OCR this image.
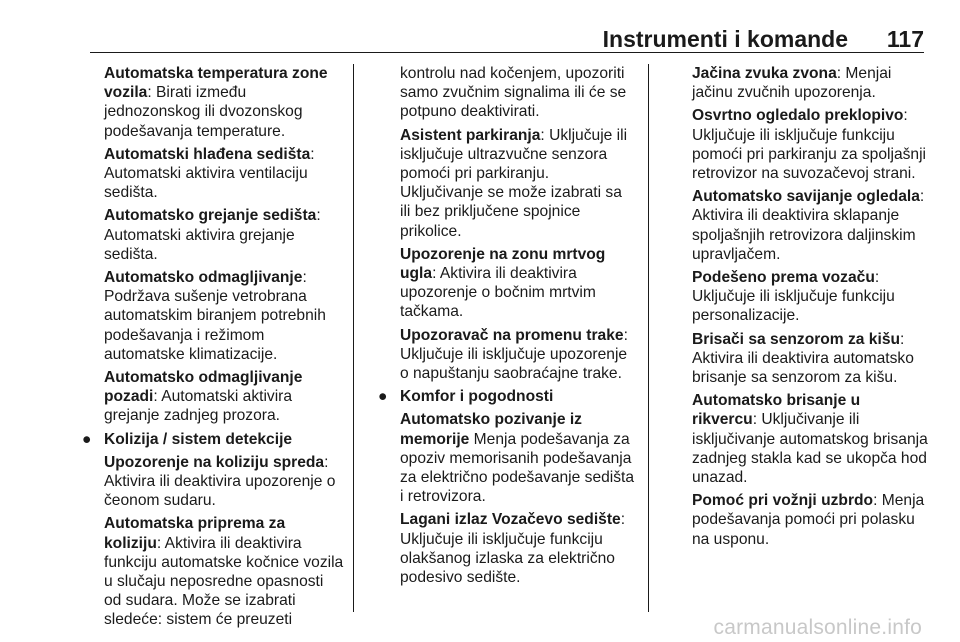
Instrumenti i komande 117

Automatska temperatura zone vozila: Birati između jednozonskog ili dvozonskog podešavanja temperature.

Automatski hlađena sedišta: Automatski aktivira ventilaciju sedišta.

Automatsko grejanje sedišta: Automatski aktivira grejanje sedišta.

Automatsko odmagljivanje: Podržava sušenje vetrobrana automatskim biranjem potrebnih podešavanja i režimom automatske klimatizacije.

Automatsko odmagljivanje pozadi: Automatski aktivira grejanje zadnjeg prozora.

● Kolizija / sistem detekcije

Upozorenje na koliziju spreda: Aktivira ili deaktivira upozorenje o čeonom sudaru.

Automatska priprema za koliziju: Aktivira ili deaktivira funkciju automatske kočnice vozila u slučaju neposredne opasnosti od sudara. Može se izabrati sledeće: sistem će preuzeti

kontrolu nad kočenjem, upozoriti samo zvučnim signalima ili će se potpuno deaktivirati.

Asistent parkiranja: Uključuje ili isključuje ultrazvučne senzora pomoći pri parkiranju. Uključivanje se može izabrati sa ili bez priključene spojnice prikolice.

Upozorenje na zonu mrtvog ugla: Aktivira ili deaktivira upozorenje o bočnim mrtvim tačkama.

Upozoravač na promenu trake: Uključuje ili isključuje upozorenje o napuštanju saobraćajne trake.

● Komfor i pogodnosti

Automatsko pozivanje iz memorije Menja podešavanja za opoziv memorisanih podešavanja za električno podešavanje sedišta i retrovizora.

Lagani izlaz Vozačevo sedište: Uključuje ili isključuje funkciju olakšanog izlaska za električno podesivo sedište.

Jačina zvuka zvona: Menjai jačinu zvučnih upozorenja.

Osvrtno ogledalo preklopivo: Uključuje ili isključuje funkciju pomoći pri parkiranju za spoljašnji retrovizor na suvozačevoj strani.

Automatsko savijanje ogledala: Aktivira ili deaktivira sklapanje spoljašnjih retrovizora daljinskim upravljačem.

Podešeno prema vozaču: Uključuje ili isključuje funkciju personalizacije.

Brisači sa senzorom za kišu: Aktivira ili deaktivira automatsko brisanje sa senzorom za kišu.

Automatsko brisanje u rikvercu: Uključivanje ili isključivanje automatskog brisanja zadnjeg stakla kad se ukopča hod unazad.

Pomoć pri vožnji uzbrdo: Menja podešavanja pomoći pri polasku na usponu.

carmanualsonline.info
